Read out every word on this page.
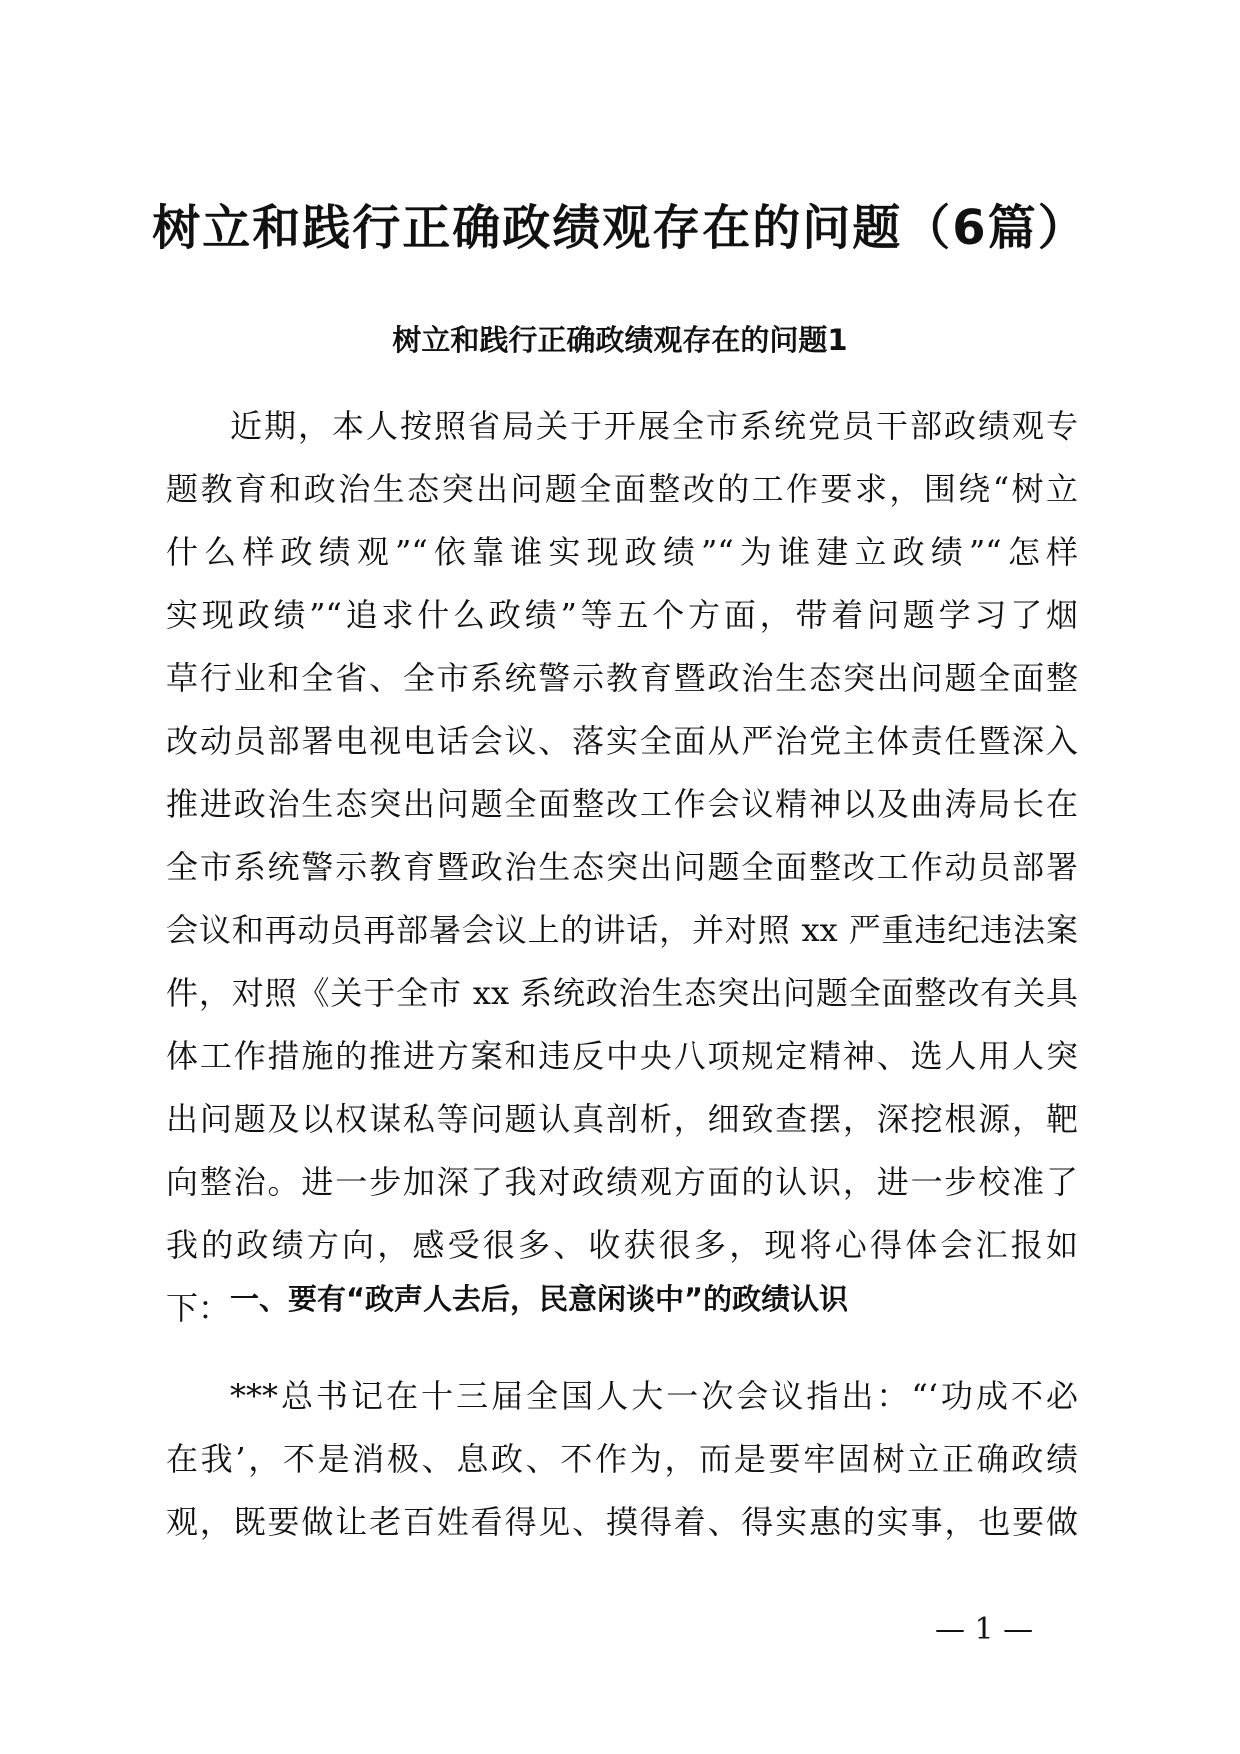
树立和践行正确政绩观存在的问题（6篇）
树立和践行正确政绩观存在的问题1
近期，本人按照省局关于开展全市系统党员干部政绩观专
题教育和政治生态突出问题全面整改的工作要求，围绕“树立
什么样政绩观”“依靠谁实现政绩”“为谁建立政绩”“怎样
实现政绩”“追求什么政绩”等五个方面，带着问题学习了烟
草行业和全省、全市系统警示教育暨政治生态突出问题全面整
改动员部署电视电话会议、落实全面从严治党主体责任暨深入
推进政治生态突出问题全面整改工作会议精神以及曲涛局长在
全市系统警示教育暨政治生态突出问题全面整改工作动员部署
会议和再动员再部暑会议上的讲话，并对照 xx 严重违纪违法案
件，对照《关于全市 xx 系统政治生态突出问题全面整改有关具
体工作措施的推进方案和违反中央八项规定精神、选人用人突
出问题及以权谋私等问题认真剖析，细致查摆，深挖根源，靶
向整治。进一步加深了我对政绩观方面的认识，进一步校准了
我的政绩方向，感受很多、收获很多，现将心得体会汇报如
下： 一、要有“政声人去后，民意闲谈中”的政绩认识
***总书记在十三届全国人大一次会议指出：“‘功成不必
在我’，不是消极、息政、不作为，而是要牢固树立正确政绩
观，既要做让老百姓看得见、摸得着、得实惠的实事，也要做
— 1 —
